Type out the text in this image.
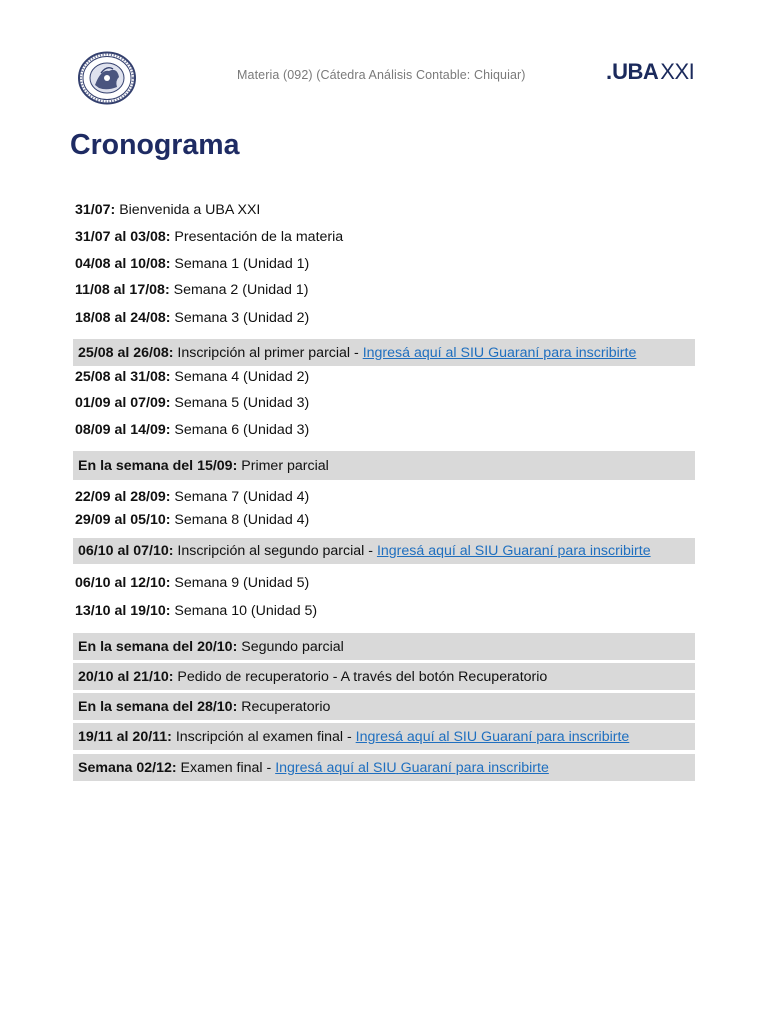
Materia (092) (Cátedra Análisis Contable: Chiquiar)	.UBAXXI
Cronograma
31/07: Bienvenida a UBA XXI
31/07 al 03/08: Presentación de la materia
04/08 al 10/08: Semana 1 (Unidad 1)
11/08 al 17/08: Semana 2 (Unidad 1)
18/08 al 24/08: Semana 3 (Unidad 2)
25/08 al 26/08:
Inscripción al primer parcial -
Ingresá aquí al SIU Guaraní para inscribirte
25/08 al 31/08: Semana 4 (Unidad 2)
01/09 al 07/09: Semana 5 (Unidad 3)
08/09 al 14/09: Semana 6 (Unidad 3)
En la semana del 15/09:
Primer parcial
22/09 al 28/09: Semana 7 (Unidad 4)
29/09 al 05/10: Semana 8 (Unidad 4)
06/10 al 07/10:
Inscripción al segundo parcial -
Ingresá aquí al SIU Guaraní para inscribirte
06/10 al 12/10: Semana 9 (Unidad 5)
13/10 al 19/10: Semana 10 (Unidad 5)
En la semana del 20/10:
Segundo parcial
20/10 al 21/10:
Pedido de recuperatorio - A través del botón Recuperatorio
En la semana del 28/10:
Recuperatorio
19/11 al 20/11:
Inscripción al examen final -
Ingresá aquí al SIU Guaraní para inscribirte
Semana 02/12:
Examen final -
Ingresá aquí al SIU Guaraní para inscribirte
